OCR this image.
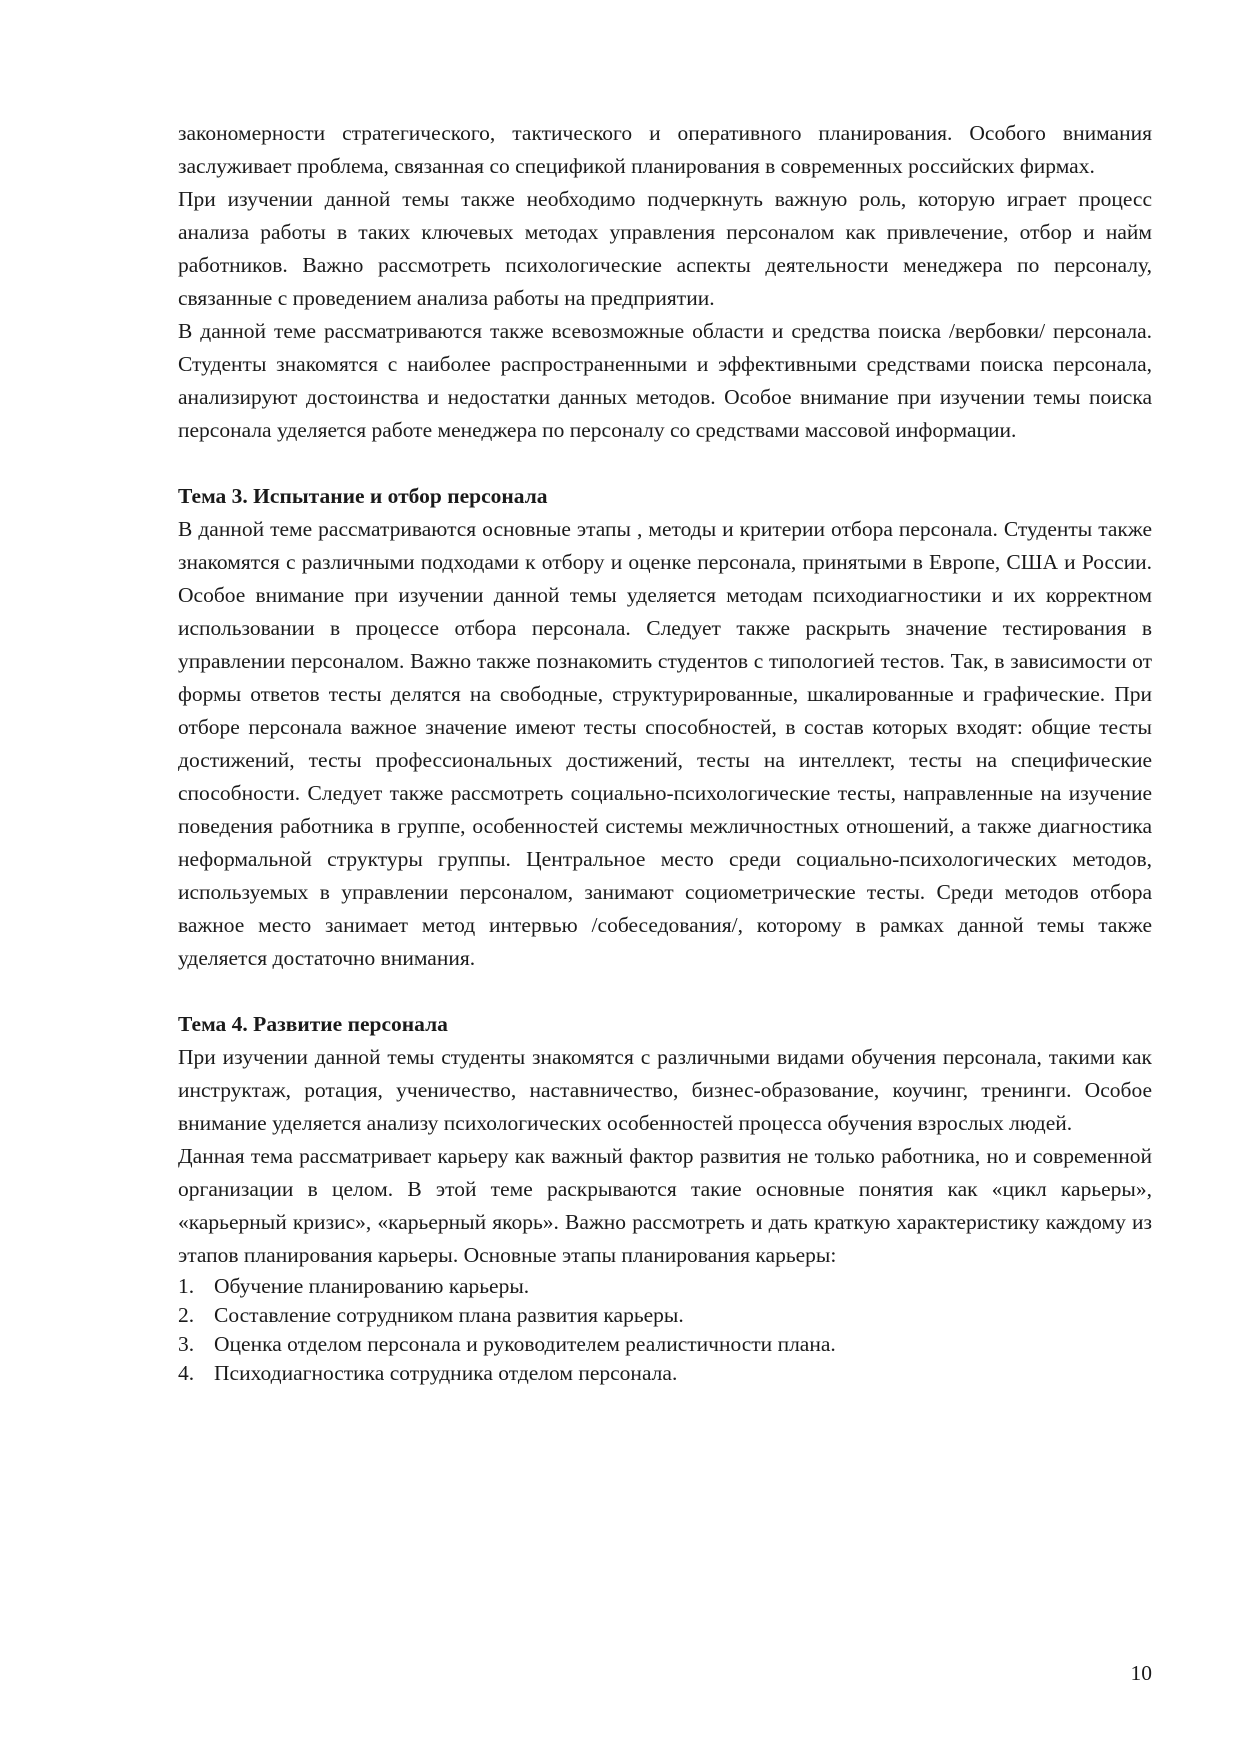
закономерности стратегического, тактического и оперативного планирования. Особого внимания заслуживает проблема, связанная со спецификой планирования в современных российских фирмах.

При изучении данной темы также необходимо подчеркнуть важную роль, которую играет процесс анализа работы в таких ключевых методах управления персоналом как привлечение, отбор и найм работников. Важно рассмотреть психологические аспекты деятельности менеджера по персоналу, связанные с проведением анализа работы на предприятии.

В данной теме рассматриваются также всевозможные области и средства поиска /вербовки/ персонала. Студенты знакомятся с наиболее распространенными и эффективными средствами поиска персонала, анализируют достоинства и недостатки данных методов. Особое внимание при изучении темы поиска персонала уделяется работе менеджера по персоналу со средствами массовой информации.

Тема 3. Испытание и отбор персонала

В данной теме рассматриваются основные этапы , методы и критерии отбора персонала. Студенты также знакомятся с различными подходами к отбору и оценке персонала, принятыми в Европе, США и России. Особое внимание при изучении данной темы уделяется методам психодиагностики и их корректном использовании в процессе отбора персонала. Следует также раскрыть значение тестирования в управлении персоналом. Важно также познакомить студентов с типологией тестов. Так, в зависимости от формы ответов тесты делятся на свободные, структурированные, шкалированные и графические. При отборе персонала важное значение имеют тесты способностей, в состав которых входят: общие тесты достижений, тесты профессиональных достижений, тесты на интеллект, тесты на специфические способности. Следует также рассмотреть социально-психологические тесты, направленные на изучение поведения работника в группе, особенностей системы межличностных отношений, а также диагностика неформальной структуры группы. Центральное место среди социально-психологических методов, используемых в управлении персоналом, занимают социометрические тесты. Среди методов отбора важное место занимает метод интервью /собеседования/, которому в рамках данной темы также уделяется достаточно внимания.

Тема 4. Развитие персонала

При изучении данной темы студенты знакомятся с различными видами обучения персонала, такими как инструктаж, ротация, ученичество, наставничество, бизнес-образование, коучинг, тренинги. Особое внимание уделяется анализу психологических особенностей процесса обучения взрослых людей.

Данная тема рассматривает карьеру как важный фактор развития не только работника, но и современной организации в целом. В этой теме раскрываются такие основные понятия как «цикл карьеры», «карьерный кризис», «карьерный якорь». Важно рассмотреть и дать краткую характеристику каждому из этапов планирования карьеры. Основные этапы планирования карьеры:

1. Обучение планированию карьеры.
2. Составление сотрудником плана развития карьеры.
3. Оценка отделом персонала и руководителем реалистичности плана.
4. Психодиагностика сотрудника отделом персонала.
10
